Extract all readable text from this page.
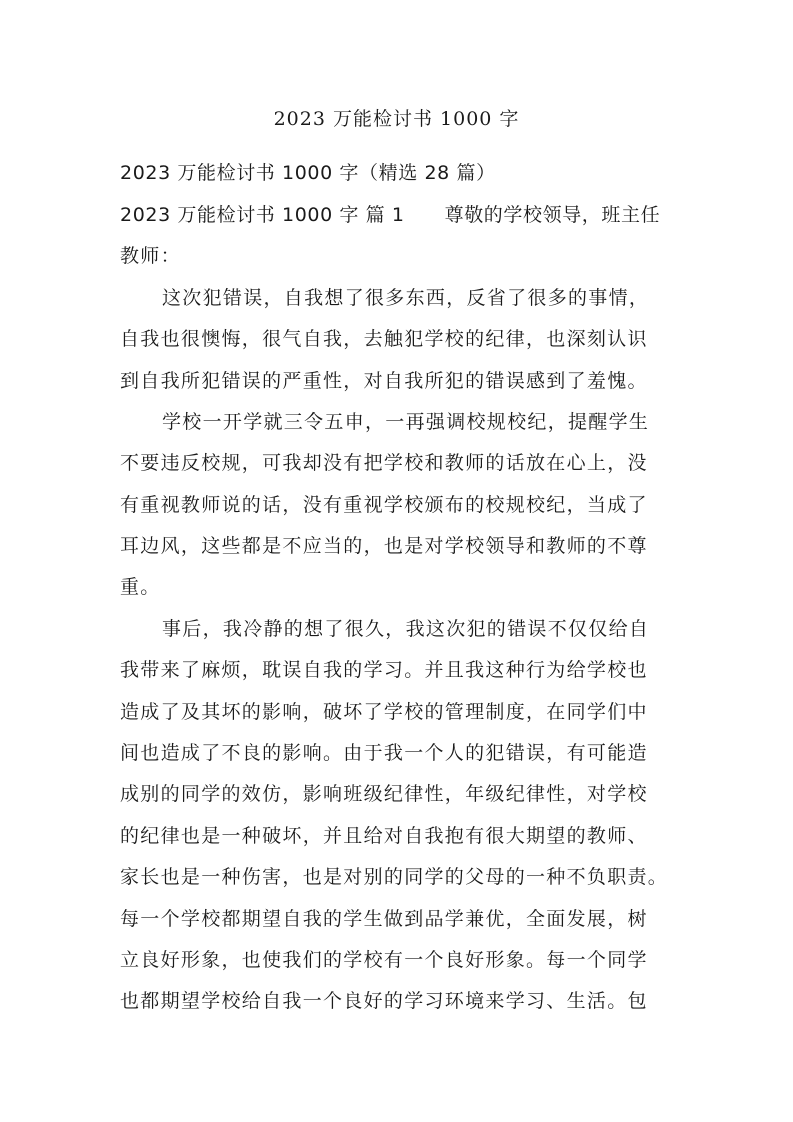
2023 万能检讨书 1000 字
2023 万能检讨书 1000 字（精选 28 篇）
2023 万能检讨书 1000 字 篇 1 尊敬的学校领导，班主任
教师：
这次犯错误，自我想了很多东西，反省了很多的事情，
自我也很懊悔，很气自我，去触犯学校的纪律，也深刻认识
到自我所犯错误的严重性，对自我所犯的错误感到了羞愧。
学校一开学就三令五申，一再强调校规校纪，提醒学生
不要违反校规，可我却没有把学校和教师的话放在心上，没
有重视教师说的话，没有重视学校颁布的校规校纪，当成了
耳边风，这些都是不应当的，也是对学校领导和教师的不尊
重。
事后，我冷静的想了很久，我这次犯的错误不仅仅给自
我带来了麻烦，耽误自我的学习。并且我这种行为给学校也
造成了及其坏的影响，破坏了学校的管理制度，在同学们中
间也造成了不良的影响。由于我一个人的犯错误，有可能造
成别的同学的效仿，影响班级纪律性，年级纪律性，对学校
的纪律也是一种破坏，并且给对自我抱有很大期望的教师、
家长也是一种伤害，也是对别的同学的父母的一种不负职责。
每一个学校都期望自我的学生做到品学兼优，全面发展，树
立良好形象，也使我们的学校有一个良好形象。每一个同学
也都期望学校给自我一个良好的学习环境来学习、生活。包
